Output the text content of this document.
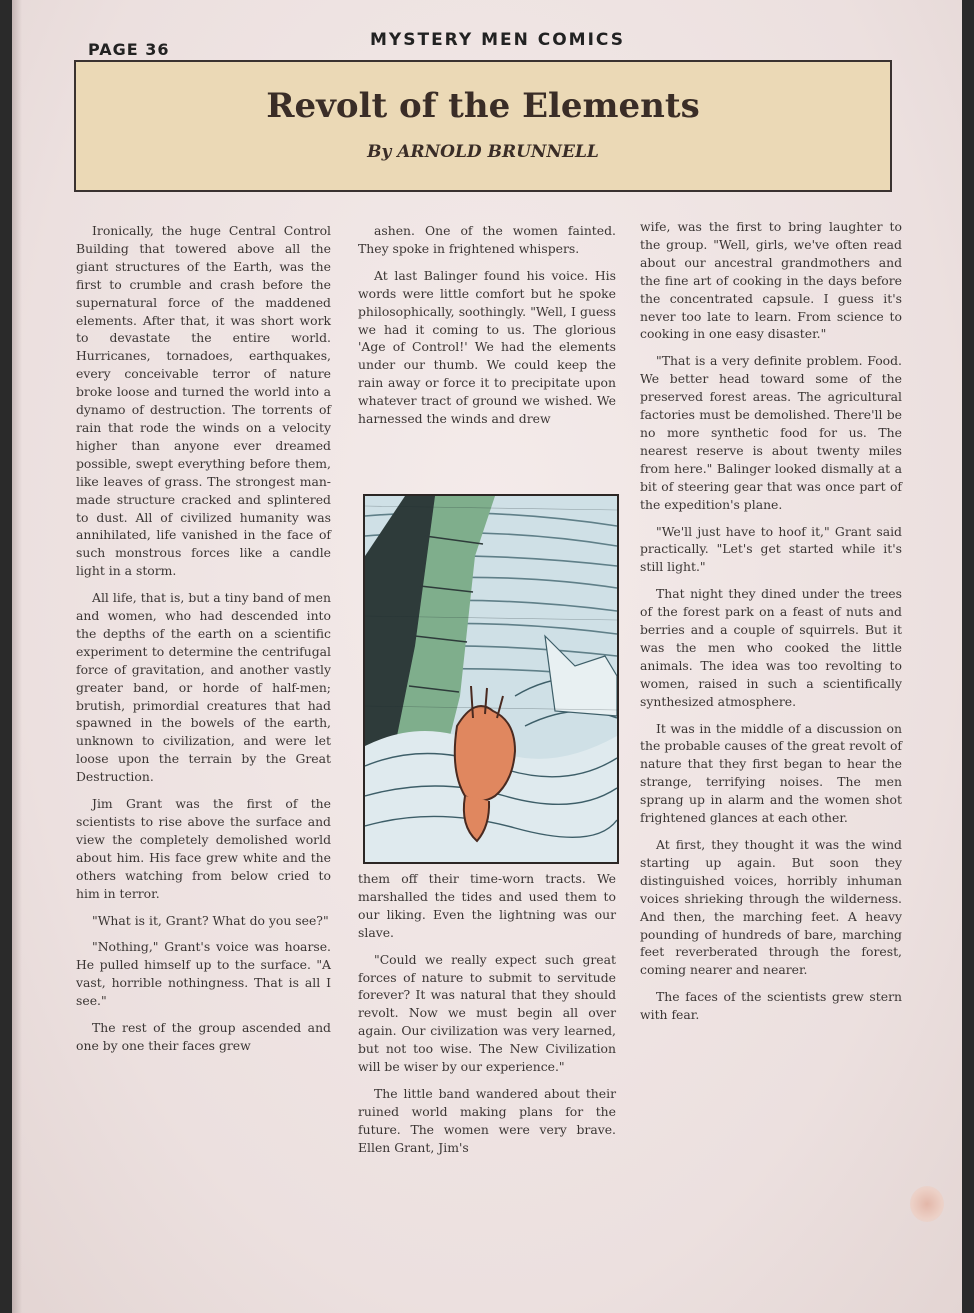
PAGE 36	MYSTERY MEN COMICS
Revolt of the Elements
By ARNOLD BRUNNELL

Ironically, the huge Central Control Building that towered above all the giant structures of the Earth, was the first to crumble and crash before the supernatural force of the maddened elements. After that, it was short work to devastate the entire world. Hurricanes, tornadoes, earthquakes, every conceivable terror of nature broke loose and turned the world into a dynamo of destruction. The torrents of rain that rode the winds on a velocity higher than anyone ever dreamed possible, swept everything before them, like leaves of grass. The strongest man-made structure cracked and splintered to dust. All of civilized humanity was annihilated, life vanished in the face of such monstrous forces like a candle light in a storm.

All life, that is, but a tiny band of men and women, who had descended into the depths of the earth on a scientific experiment to determine the centrifugal force of gravitation, and another vastly greater band, or horde of half-men; brutish, primordial creatures that had spawned in the bowels of the earth, unknown to civilization, and were let loose upon the terrain by the Great Destruction.

Jim Grant was the first of the scientists to rise above the surface and view the completely demolished world about him. His face grew white and the others watching from below cried to him in terror.

"What is it, Grant? What do you see?"

"Nothing," Grant's voice was hoarse. He pulled himself up to the surface. "A vast, horrible nothingness. That is all I see."

The rest of the group ascended and one by one their faces grew

ashen. One of the women fainted. They spoke in frightened whispers.

At last Balinger found his voice. His words were little comfort but he spoke philosophically, soothingly. "Well, I guess we had it coming to us. The glorious 'Age of Control!' We had the elements under our thumb. We could keep the rain away or force it to precipitate upon whatever tract of ground we wished. We harnessed the winds and drew

them off their time-worn tracts. We marshalled the tides and used them to our liking. Even the lightning was our slave.

"Could we really expect such great forces of nature to submit to servitude forever? It was natural that they should revolt. Now we must begin all over again. Our civilization was very learned, but not too wise. The New Civilization will be wiser by our experience."

The little band wandered about their ruined world making plans for the future. The women were very brave. Ellen Grant, Jim's

wife, was the first to bring laughter to the group. "Well, girls, we've often read about our ancestral grandmothers and the fine art of cooking in the days before the concentrated capsule. I guess it's never too late to learn. From science to cooking in one easy disaster."

"That is a very definite problem. Food. We better head toward some of the preserved forest areas. The agricultural factories must be demolished. There'll be no more synthetic food for us. The nearest reserve is about twenty miles from here." Balinger looked dismally at a bit of steering gear that was once part of the expedition's plane.

"We'll just have to hoof it," Grant said practically. "Let's get started while it's still light."

That night they dined under the trees of the forest park on a feast of nuts and berries and a couple of squirrels. But it was the men who cooked the little animals. The idea was too revolting to women, raised in such a scientifically synthesized atmosphere.

It was in the middle of a discussion on the probable causes of the great revolt of nature that they first began to hear the strange, terrifying noises. The men sprang up in alarm and the women shot frightened glances at each other.

At first, they thought it was the wind starting up again. But soon they distinguished voices, horribly inhuman voices shrieking through the wilderness. And then, the marching feet. A heavy pounding of hundreds of bare, marching feet reverberated through the forest, coming nearer and nearer.

The faces of the scientists grew stern with fear.
